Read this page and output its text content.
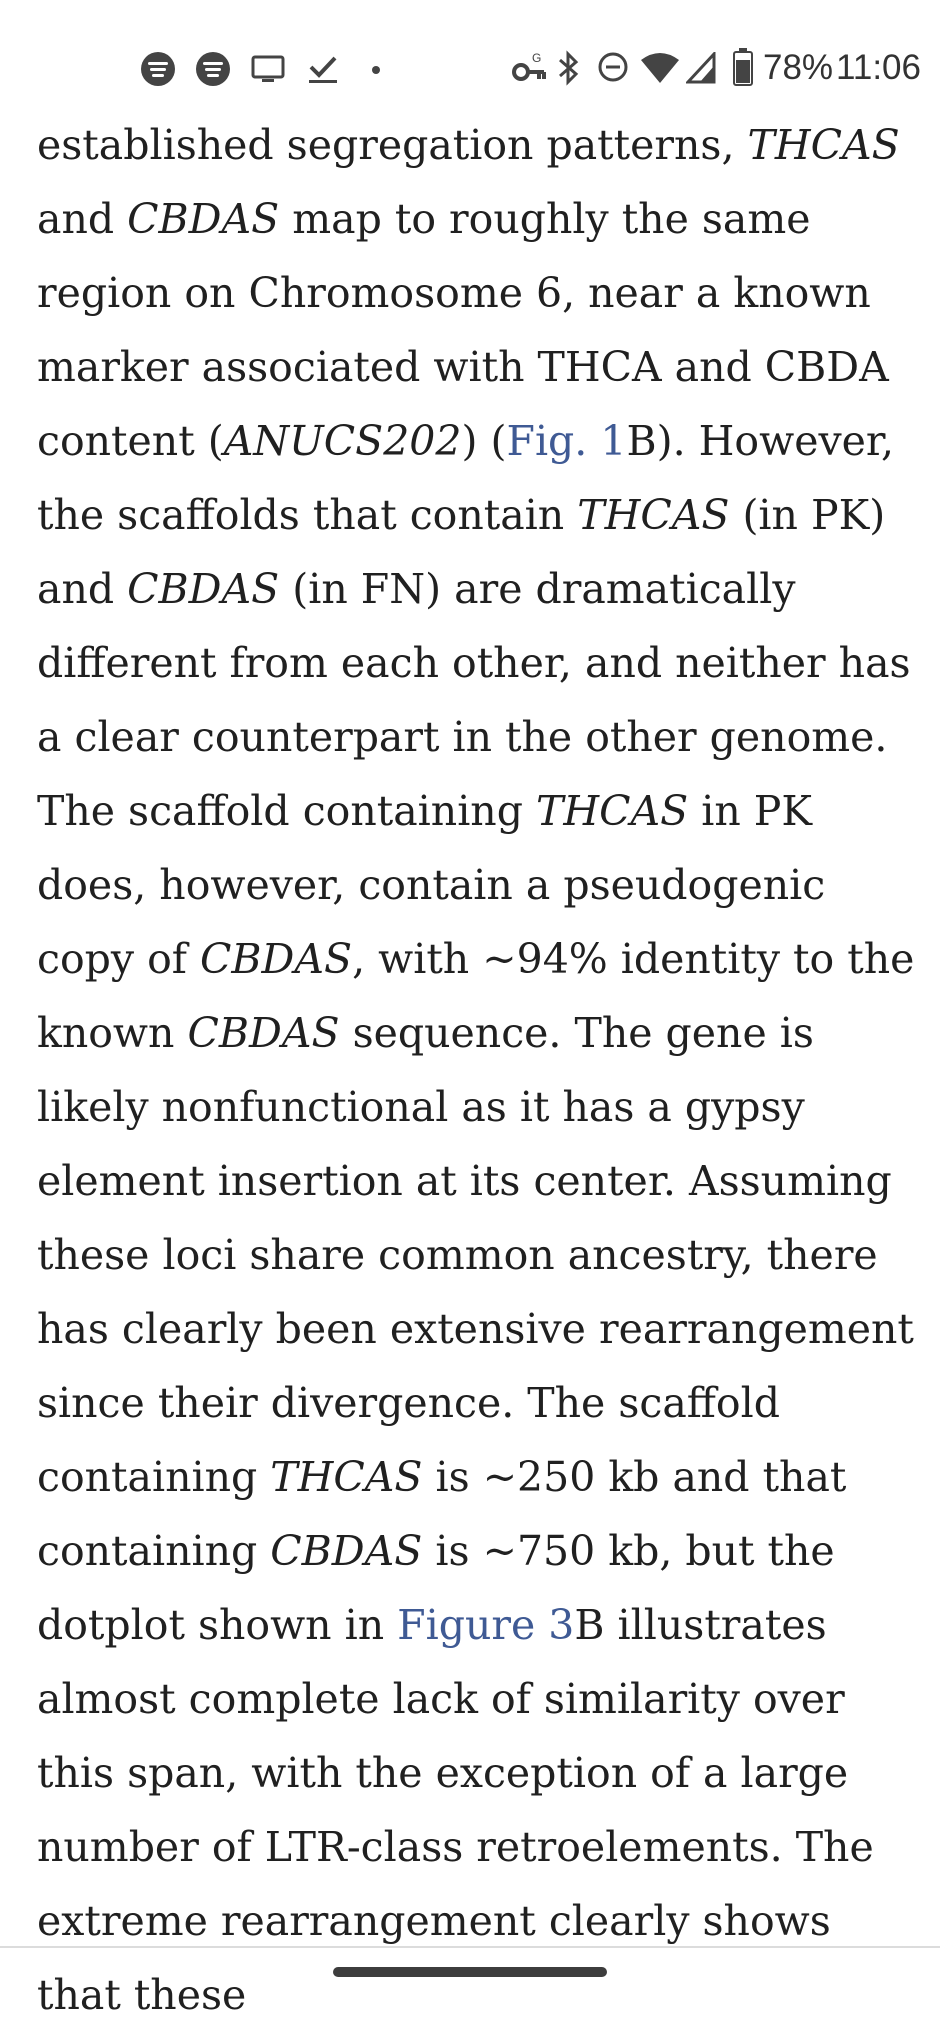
G	78% 11:06

established segregation patterns, THCAS and CBDAS map to roughly the same region on Chromosome 6, near a known marker associated with THCA and CBDA content (ANUCS202) (Fig. 1B). However, the scaffolds that contain THCAS (in PK) and CBDAS (in FN) are dramatically different from each other, and neither has a clear counterpart in the other genome. The scaffold containing THCAS in PK does, however, contain a pseudogenic copy of CBDAS, with ~94% identity to the known CBDAS sequence. The gene is likely nonfunctional as it has a gypsy element insertion at its center. Assuming these loci share common ancestry, there has clearly been extensive rearrangement since their divergence. The scaffold containing THCAS is ~250 kb and that containing CBDAS is ~750 kb, but the dotplot shown in Figure 3B illustrates almost complete lack of similarity over this span, with the exception of a large number of LTR-class retroelements. The extreme rearrangement clearly shows that these
